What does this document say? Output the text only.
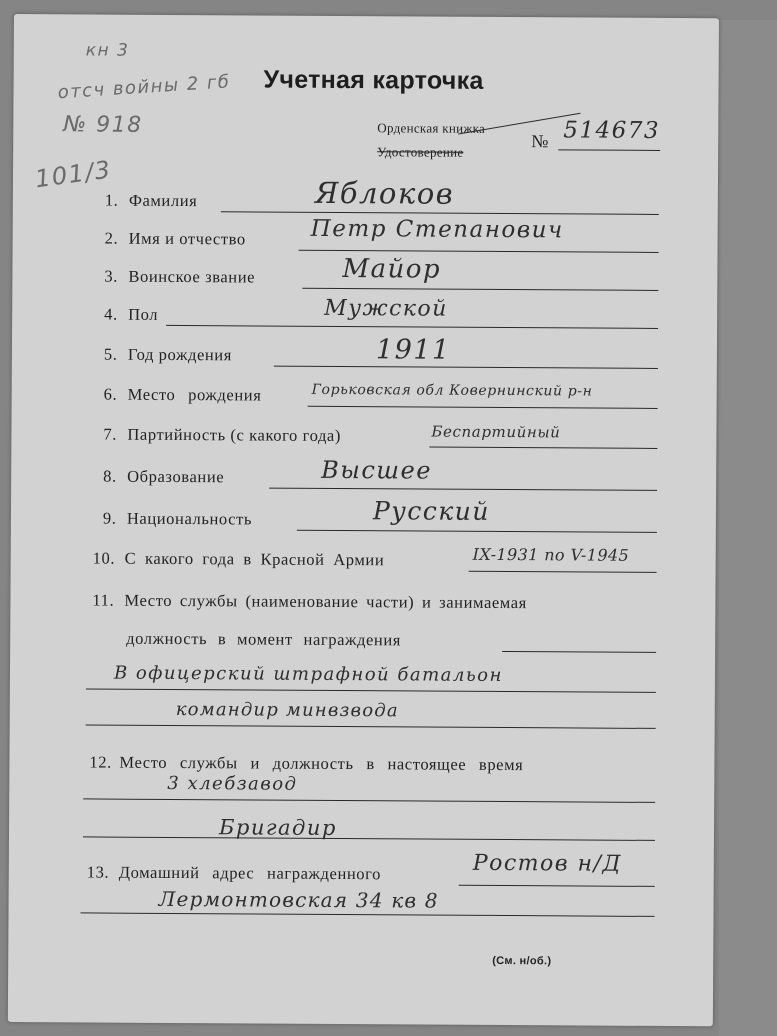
кн 3
отсч войны 2 гб
№ 918
101/3
Учетная карточка
Орденская книжка
Удостоверение
№ 514673
1. Фамилия	Яблоков
2. Имя и отчество	Петр Степанович
3. Воинское звание	Майор
4. Пол	Мужской
5. Год рождения	1911
6. Место рождения	Горьковская обл Ковернинский р-н
7. Партийность (с какого года)	Беспартийный
8. Образование	Высшее
9. Национальность	Русский
10. С какого года в Красной Армии	IX-1931 по V-1945
11. Место службы (наименование части) и занимаемая
должность в момент награждения
В офицерский штрафной батальон
командир минвзвода
12. Место службы и должность в настоящее время
3 хлебзавод
Бригадир
13. Домашний адрес награжденного	Ростов н/Д
Лермонтовская 34 кв 8
(См. н/об.)
